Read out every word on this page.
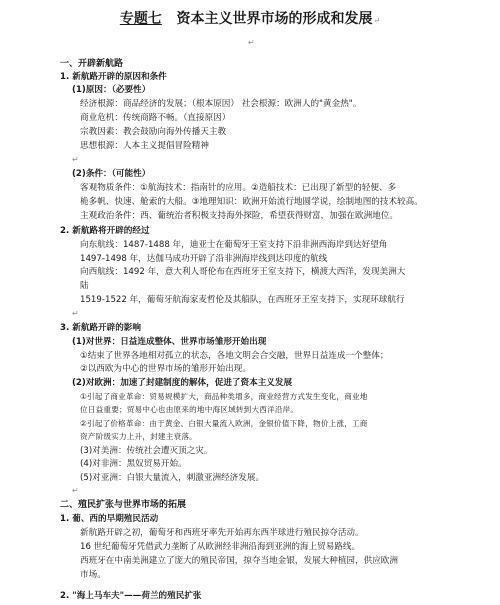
专题七 资本主义世界市场的形成和发展↵
↵
一、开辟新航路
1. 新航路开辟的原因和条件
(1)原因：（必要性）
经济根源：商品经济的发展；（根本原因） 社会根源：欧洲人的"黄金热"。
商业危机：传统商路不畅。（直接原因）
宗教因素：教会鼓励向海外传播天主教
思想根源：人本主义提倡冒险精神
↵
(2)条件：（可能性）
客观物质条件：①航海技术：指南针的应用。②造船技术：已出现了新型的轻便、多
桅多帆、快速、舱索的大船。③地理知识：欧洲开始流行地圆学说，绘制地图的技术较高。
主观政治条件：西、葡统治者积极支持海外探险，希望获得财富，加强在欧洲地位。
2. 新航路将开辟的经过
向东航线：1487-1488 年，迪亚士在葡萄牙王室支持下沿非洲西海岸到达好望角
1497-1498 年，达伽马成功开辟了沿非洲海岸线到达印度的航线
向西航线：1492 年，意大利人哥伦布在西班牙王室支持下，横渡大西洋，发现美洲大
陆
1519-1522 年，葡萄牙航海家麦哲伦及其船队，在西班牙王室支持下，实现环球航行
↵
3. 新航路开辟的影响
(1)对世界：日益连成整体、世界市场雏形开始出现
①结束了世界各地相对孤立的状态，各地文明会合交融，世界日益连成一个整体；
②以西欧为中心的世界市场的雏形开始出现。
(2)对欧洲：加速了封建制度的解体，促进了资本主义发展
①引起了商业革命：贸易规模扩大，商品种类增多，商业经营方式发生变化，商业地
位日益重要；贸易中心也由原来的地中海区域转到大西洋沿岸。
②引起了价格革命：由于黄金、白银大量流入欧洲，金银价值下降，物价上涨，工商
资产阶级实力上升，封建主衰落。
(3)对美洲：传统社会遭灭顶之灾。
(4)对非洲：黑奴贸易开始。
(5)对亚洲：白银大量流入，刺激亚洲经济发展。
↵
二、殖民扩张与世界市场的拓展
1. 葡、西的早期殖民活动
新航路开辟之初，葡萄牙和西班牙率先开始再东西半球进行殖民掠夺活动。
16 世纪葡萄牙凭借武力垄断了从欧洲经非洲沿海到亚洲的海上贸易路线。
西班牙在中南美洲建立了庞大的殖民帝国，掠夺当地金银，发展大种植园，供应欧洲
市场。
2. "海上马车夫"——荷兰的殖民扩张
